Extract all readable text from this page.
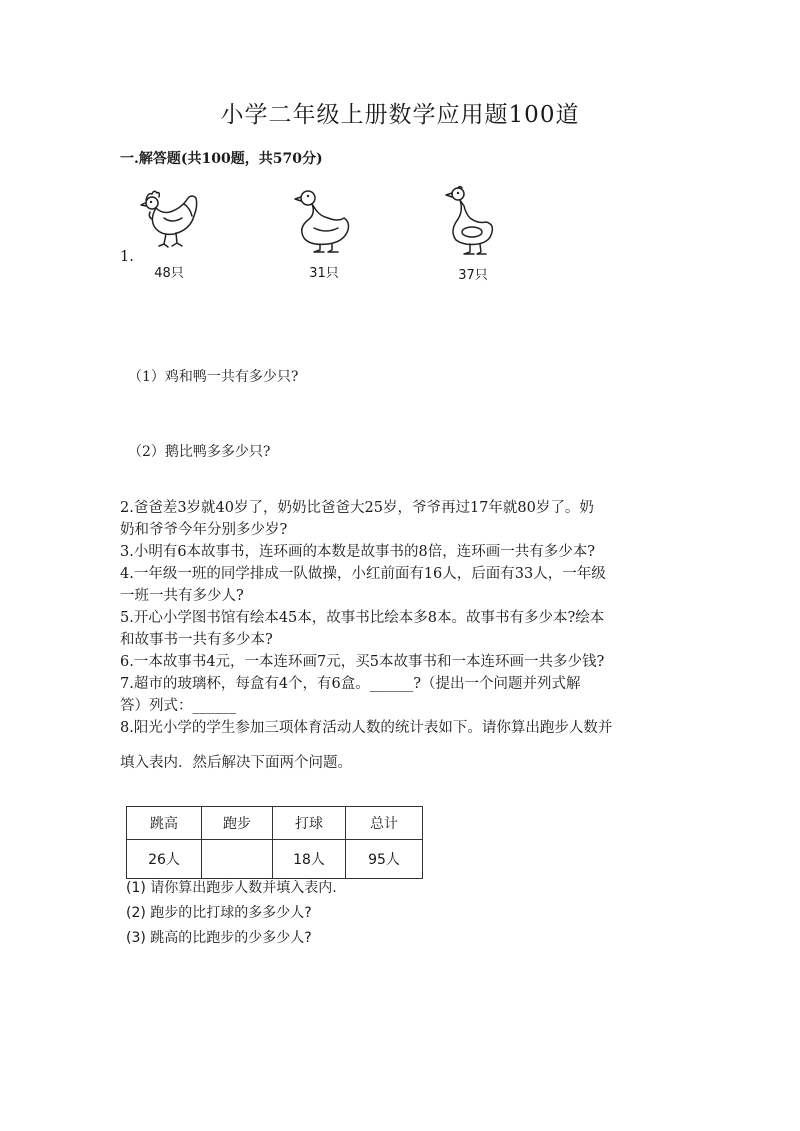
小学二年级上册数学应用题100道
一.解答题(共100题，共570分)
1.
48只	31只	37只
（1）鸡和鸭一共有多少只?
（2）鹅比鸭多多少只?
2.爸爸差3岁就40岁了，奶奶比爸爸大25岁，爷爷再过17年就80岁了。奶
奶和爷爷今年分别多少岁?
3.小明有6本故事书，连环画的本数是故事书的8倍，连环画一共有多少本?
4.一年级一班的同学排成一队做操，小红前面有16人，后面有33人，一年级
一班一共有多少人?
5.开心小学图书馆有绘本45本，故事书比绘本多8本。故事书有多少本?绘本
和故事书一共有多少本?
6.一本故事书4元，一本连环画7元，买5本故事书和一本连环画一共多少钱?
7.超市的玻璃杯，每盒有4个，有6盒。______?（提出一个问题并列式解
答）列式：______
8.阳光小学的学生参加三项体育活动人数的统计表如下。请你算出跑步人数并
填入表内．然后解决下面两个问题。
跳高	跑步	打球	总计
26人		18人	95人
(1) 请你算出跑步人数并填入表内.
(2) 跑步的比打球的多多少人?
(3) 跳高的比跑步的少多少人?
